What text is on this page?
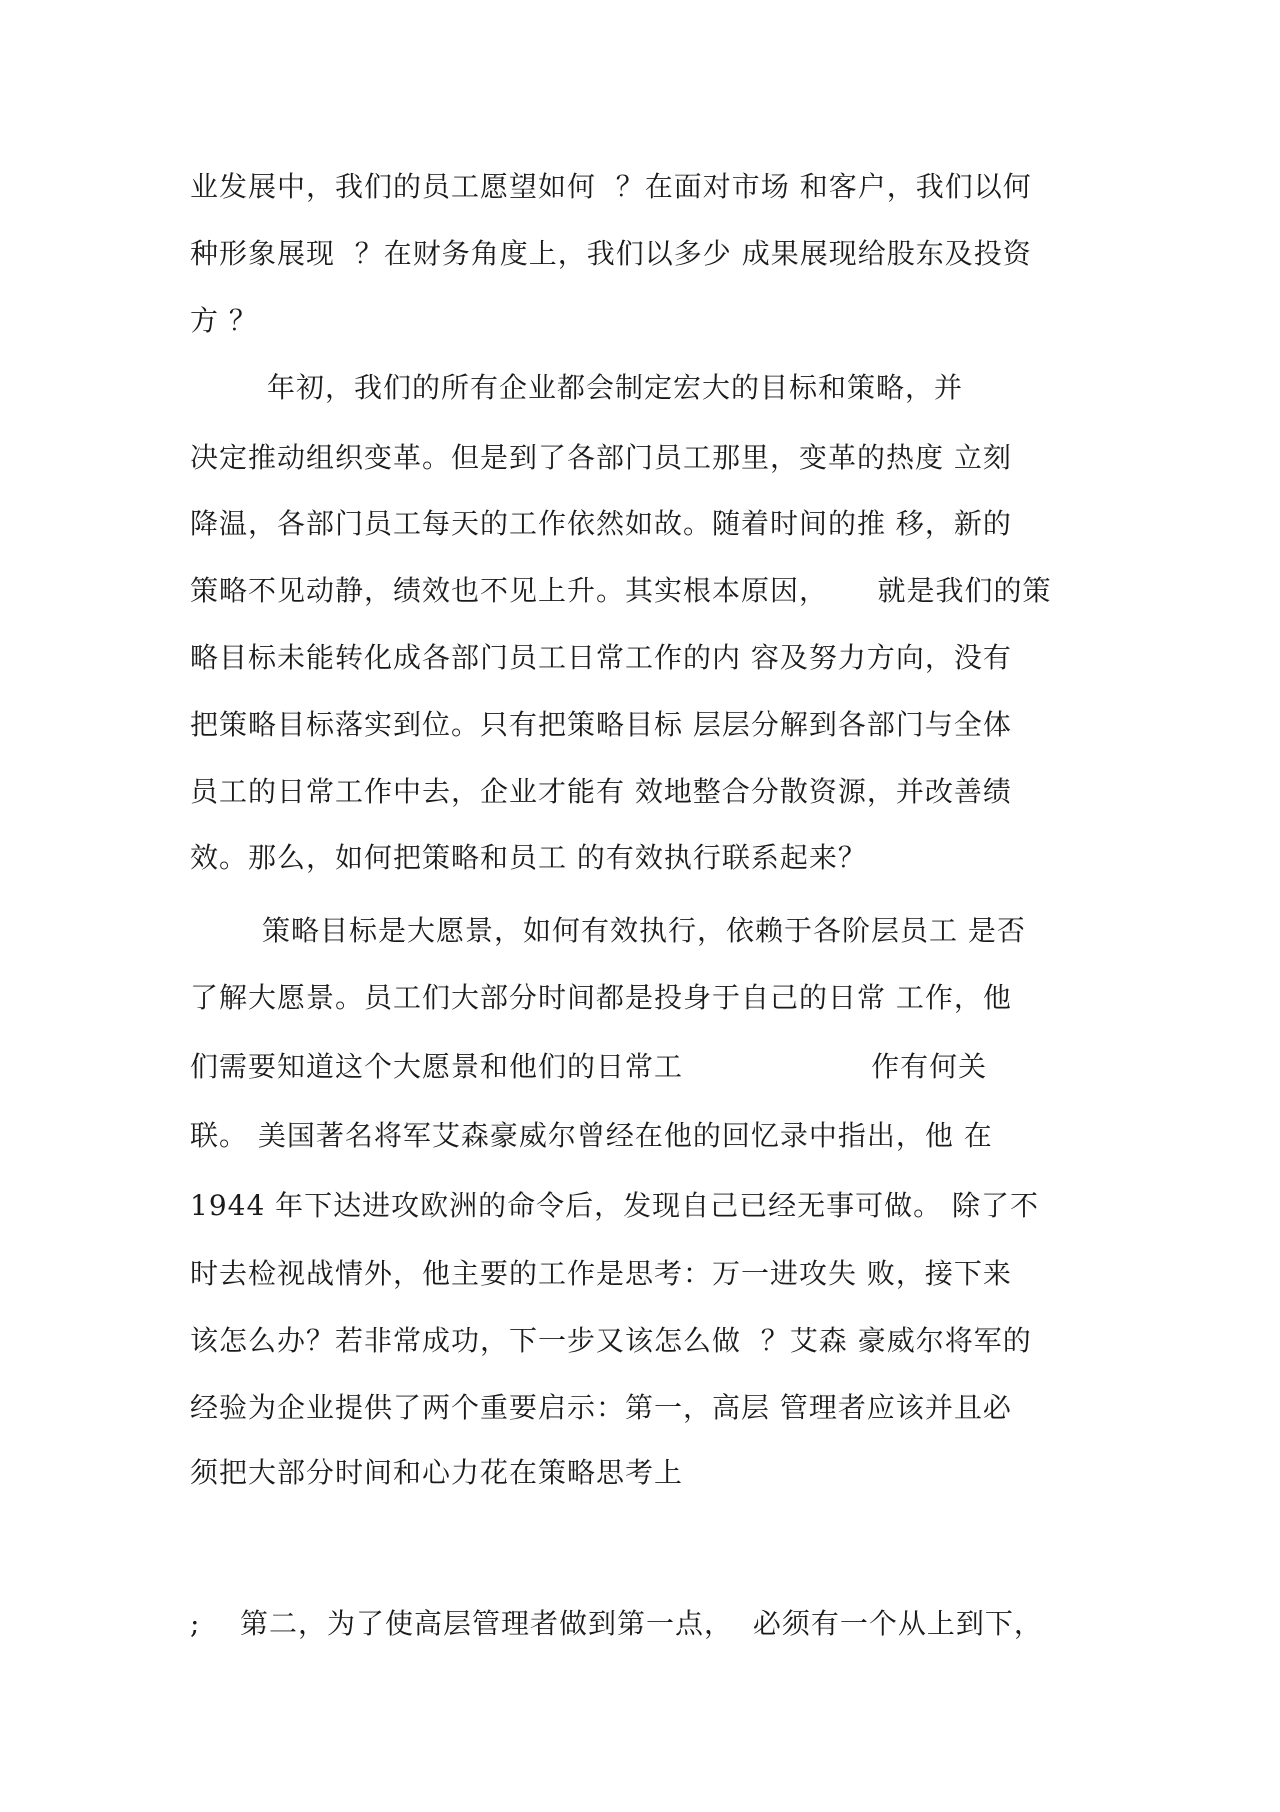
业发展中，我们的员工愿望如何  ？在面对市场 和客户，我们以何
种形象展现  ？在财务角度上，我们以多少 成果展现给股东及投资
方 ？
年初，我们的所有企业都会制定宏大的目标和策略，并
决定推动组织变革。但是到了各部门员工那里，变革的热度 立刻
降温，各部门员工每天的工作依然如故。随着时间的推 移，新的
策略不见动静，绩效也不见上升。其实根本原因，     就是我们的策
略目标未能转化成各部门员工日常工作的内 容及努力方向，没有
把策略目标落实到位。只有把策略目标 层层分解到各部门与全体
员工的日常工作中去，企业才能有 效地整合分散资源，并改善绩
效。那么，如何把策略和员工 的有效执行联系起来？
策略目标是大愿景，如何有效执行，依赖于各阶层员工 是否
了解大愿景。员工们大部分时间都是投身于自己的日常 工作，他
们需要知道这个大愿景和他们的日常工                   作有何关
联。 美国著名将军艾森豪威尔曾经在他的回忆录中指出，他 在
1944 年下达进攻欧洲的命令后，发现自己已经无事可做。 除了不
时去检视战情外，他主要的工作是思考：万一进攻失 败，接下来
该怎么办？若非常成功，下一步又该怎么做  ？艾森 豪威尔将军的
经验为企业提供了两个重要启示：第一，高层 管理者应该并且必
须把大部分时间和心力花在策略思考上
;    第二，为了使高层管理者做到第一点，  必须有一个从上到下，
